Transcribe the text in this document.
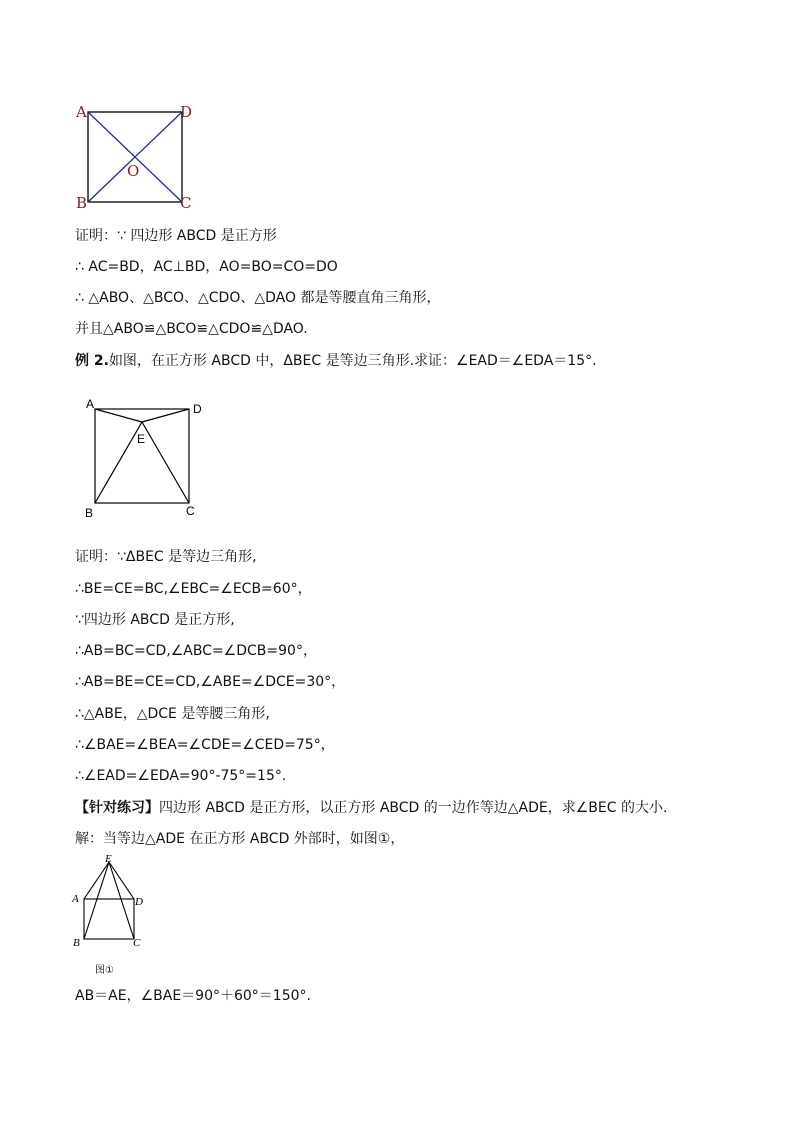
A	D
B	C
O
证明：∵ 四边形 ABCD 是正方形
∴ AC=BD，AC⊥BD，AO=BO=CO=DO
∴ △ABO、△BCO、△CDO、△DAO 都是等腰直角三角形，
并且△ABO≌△BCO≌△CDO≌△DAO.
例 2.如图，在正方形 ABCD 中，ΔBEC 是等边三角形.求证：∠EAD＝∠EDA＝15°.
A	D
E
B	C
证明：∵ΔBEC 是等边三角形,
∴BE=CE=BC,∠EBC=∠ECB=60°，
∵四边形 ABCD 是正方形,
∴AB=BC=CD,∠ABC=∠DCB=90°，
∴AB=BE=CE=CD,∠ABE=∠DCE=30°，
∴△ABE，△DCE 是等腰三角形,
∴∠BAE=∠BEA=∠CDE=∠CED=75°，
∴∠EAD=∠EDA=90°-75°=15°.
【针对练习】四边形 ABCD 是正方形，以正方形 ABCD 的一边作等边△ADE，求∠BEC 的大小.
解：当等边△ADE 在正方形 ABCD 外部时，如图①，
E
A	D
B	C
图①
AB＝AE，∠BAE＝90°＋60°＝150°.
